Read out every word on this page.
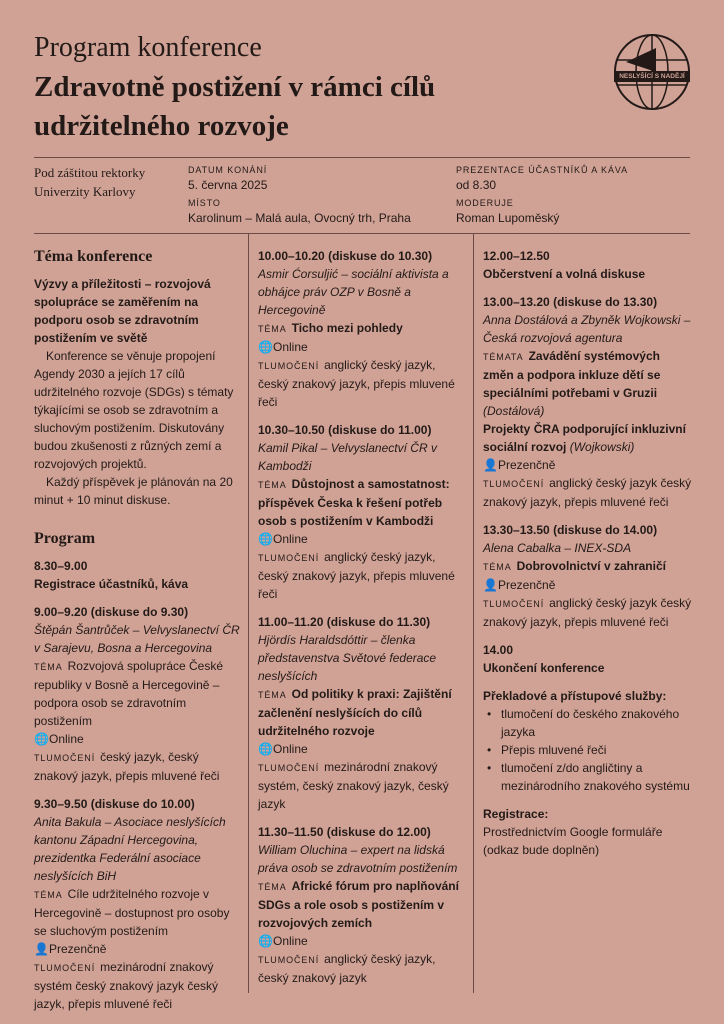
Program konference
Zdravotně postižení v rámci cílů udržitelného rozvoje
NESLYŠÍCÍ S NADĚJÍ
Pod záštitou rektorky Univerzity Karlovy
DATUM KONÁNÍ
5. června 2025
MÍSTO
Karolinum – Malá aula, Ovocný trh, Praha
PREZENTACE ÚČASTNÍKŮ A KÁVA
od 8.30
MODERUJE
Roman Lupoměský
Téma konference

Výzvy a příležitosti – rozvojová spolupráce se zaměřením na podporu osob se zdravotním postižením ve světě

Konference se věnuje propojení Agendy 2030 a jejích 17 cílů udržitelného rozvoje (SDGs) s tématy týkajícími se osob se zdravotním a sluchovým postižením. Diskutovány budou zkušenosti z různých zemí a rozvojových projektů.

Každý příspěvek je plánován na 20 minut + 10 minut diskuse.

Program

8.30–9.00

Registrace účastníků, káva

9.00–9.20 (diskuse do 9.30)

Štěpán Šantrůček – Velvyslanectví ČR v Sarajevu, Bosna a Hercegovina

TÉMA Rozvojová spolupráce České republiky v Bosně a Hercegovině – podpora osob se zdravotním postižením

🌐Online

TLUMOČENÍ český jazyk, český znakový jazyk, přepis mluvené řeči

9.30–9.50 (diskuse do 10.00)

Anita Bakula – Asociace neslyšících kantonu Západní Hercegovina, prezidentka Federální asociace neslyšících BiH

TÉMA Cíle udržitelného rozvoje v Hercegovině – dostupnost pro osoby se sluchovým postižením

👤Prezenčně

TLUMOČENÍ mezinárodní znakový systém český znakový jazyk český jazyk, přepis mluvené řeči

10.00–10.20 (diskuse do 10.30)

Asmir Ćorsuljić – sociální aktivista a obhájce práv OZP v Bosně a Hercegovině

TÉMA Ticho mezi pohledy

🌐Online

TLUMOČENÍ anglický český jazyk, český znakový jazyk, přepis mluvené řeči

10.30–10.50 (diskuse do 11.00)

Kamil Pikal – Velvyslanectví ČR v Kambodži

TÉMA Důstojnost a samostatnost: příspěvek Česka k řešení potřeb osob s postižením v Kambodži

🌐Online

TLUMOČENÍ anglický český jazyk, český znakový jazyk, přepis mluvené řeči

11.00–11.20 (diskuse do 11.30)

Hjördís Haraldsdóttir – členka představenstva Světové federace neslyšících

TÉMA Od politiky k praxi: Zajištění začlenění neslyšících do cílů udržitelného rozvoje

🌐Online

TLUMOČENÍ mezinárodní znakový systém, český znakový jazyk, český jazyk

11.30–11.50 (diskuse do 12.00)

William Oluchina – expert na lidská práva osob se zdravotním postižením

TÉMA Africké fórum pro naplňování SDGs a role osob s postižením v rozvojových zemích

🌐Online

TLUMOČENÍ anglický český jazyk, český znakový jazyk

12.00–12.50

Občerstvení a volná diskuse

13.00–13.20 (diskuse do 13.30)

Anna Dostálová a Zbyněk Wojkowski – Česká rozvojová agentura

TÉMATA Zavádění systémových změn a podpora inkluze dětí se speciálními potřebami v Gruzii (Dostálová)

Projekty ČRA podporující inkluzivní sociální rozvoj (Wojkowski)

👤Prezenčně

TLUMOČENÍ anglický český jazyk český znakový jazyk, přepis mluvené řeči

13.30–13.50 (diskuse do 14.00)

Alena Cabalka – INEX-SDA

TÉMA Dobrovolnictví v zahraničí

👤Prezenčně

TLUMOČENÍ anglický český jazyk český znakový jazyk, přepis mluvené řeči

14.00

Ukončení konference

Překladové a přístupové služby:

• tlumočení do českého znakového jazyka
• Přepis mluvené řeči
• tlumočení z/do angličtiny a mezinárodního znakového systému

Registrace:

Prostřednictvím Google formuláře (odkaz bude doplněn)
